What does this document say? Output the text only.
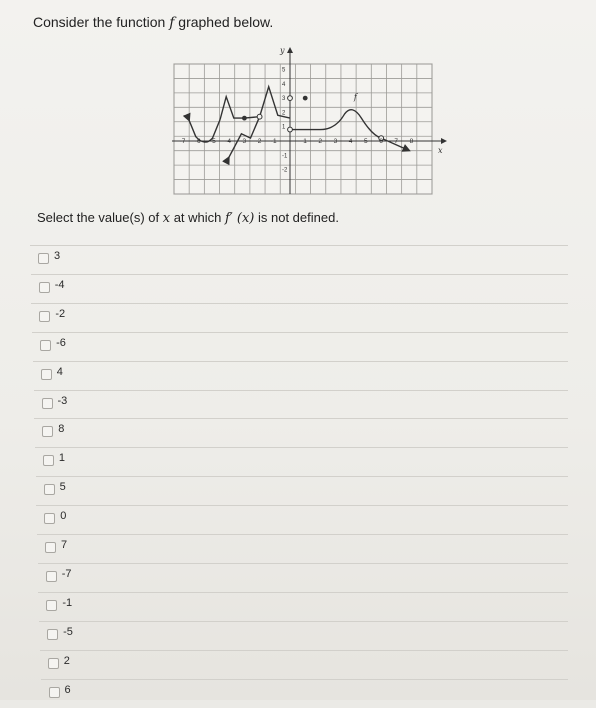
Consider the function f graphed below.
y
x
f
-7 -6 -5 -4 -3 -2 -1	1 2 3 4 5 6 7 8
5
4
3
2
1
-1
-2
Select the value(s) of x at which f′ (x) is not defined.
3
-4
-2
-6
4
-3
8
1
5
0
7
-7
-1
-5
2
6
